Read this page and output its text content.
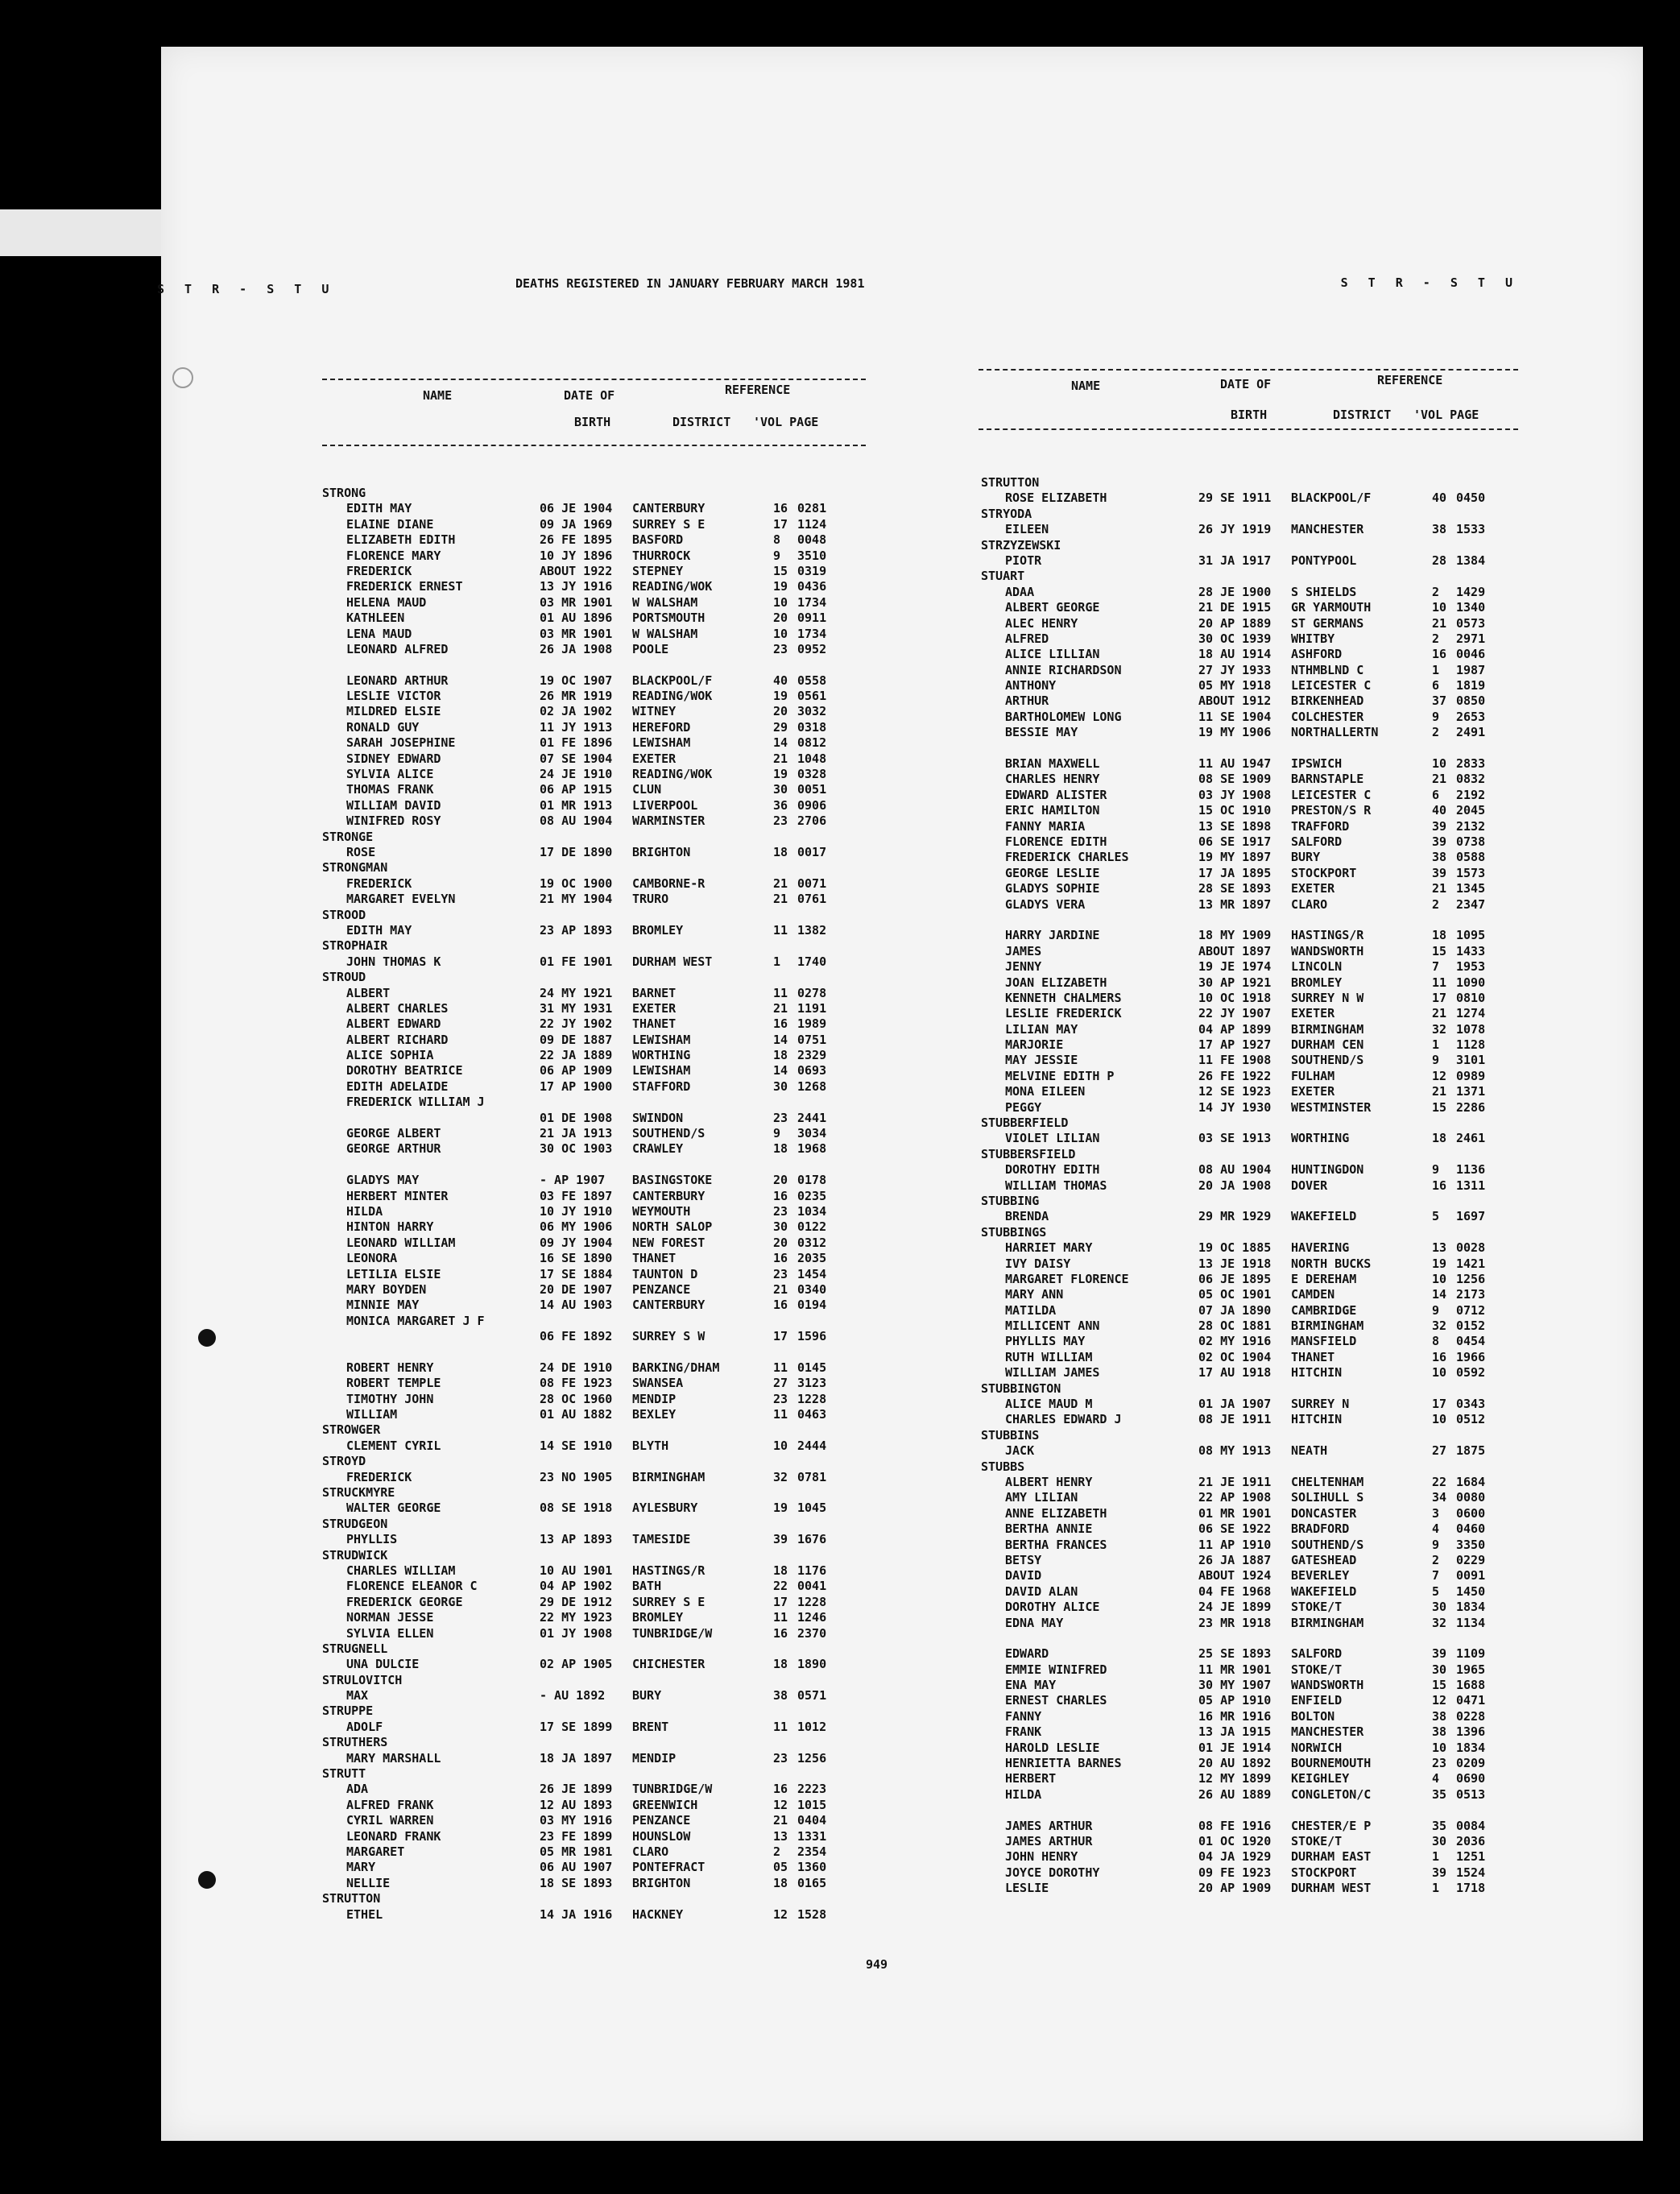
S T R - S T U	DEATHS REGISTERED IN JANUARY FEBRUARY MARCH 1981	S T R - S T U
NAME	DATE OF	REFERENCE
BIRTH	DISTRICT 'VOL PAGE
NAME	DATE OF	REFERENCE
BIRTH	DISTRICT 'VOL PAGE
STRONG
EDITH MAY	06 JE 1904 CANTERBURY	16 0281
ELAINE DIANE	09 JA 1969 SURREY S E	17 1124
ELIZABETH EDITH	26 FE 1895 BASFORD	8 0048
FLORENCE MARY	10 JY 1896 THURROCK	9 3510
FREDERICK	ABOUT 1922 STEPNEY	15 0319
FREDERICK ERNEST	13 JY 1916 READING/WOK	19 0436
HELENA MAUD	03 MR 1901 W WALSHAM	10 1734
KATHLEEN	01 AU 1896 PORTSMOUTH	20 0911
LENA MAUD	03 MR 1901 W WALSHAM	10 1734
LEONARD ALFRED	26 JA 1908 POOLE	23 0952
LEONARD ARTHUR	19 OC 1907 BLACKPOOL/F	40 0558
LESLIE VICTOR	26 MR 1919 READING/WOK	19 0561
MILDRED ELSIE	02 JA 1902 WITNEY	20 3032
RONALD GUY	11 JY 1913 HEREFORD	29 0318
SARAH JOSEPHINE	01 FE 1896 LEWISHAM	14 0812
SIDNEY EDWARD	07 SE 1904 EXETER	21 1048
SYLVIA ALICE	24 JE 1910 READING/WOK	19 0328
THOMAS FRANK	06 AP 1915 CLUN	30 0051
WILLIAM DAVID	01 MR 1913 LIVERPOOL	36 0906
WINIFRED ROSY	08 AU 1904 WARMINSTER	23 2706
STRONGE
ROSE	17 DE 1890 BRIGHTON	18 0017
STRONGMAN
FREDERICK	19 OC 1900 CAMBORNE-R	21 0071
MARGARET EVELYN	21 MY 1904 TRURO	21 0761
STROOD
EDITH MAY	23 AP 1893 BROMLEY	11 1382
STROPHAIR
JOHN THOMAS K	01 FE 1901 DURHAM WEST	1 1740
STROUD
ALBERT	24 MY 1921 BARNET	11 0278
ALBERT CHARLES	31 MY 1931 EXETER	21 1191
ALBERT EDWARD	22 JY 1902 THANET	16 1989
ALBERT RICHARD	09 DE 1887 LEWISHAM	14 0751
ALICE SOPHIA	22 JA 1889 WORTHING	18 2329
DOROTHY BEATRICE	06 AP 1909 LEWISHAM	14 0693
EDITH ADELAIDE	17 AP 1900 STAFFORD	30 1268
FREDERICK WILLIAM J
01 DE 1908 SWINDON	23 2441
GEORGE ALBERT	21 JA 1913 SOUTHEND/S	9 3034
GEORGE ARTHUR	30 OC 1903 CRAWLEY	18 1968
GLADYS MAY	- AP 1907 BASINGSTOKE	20 0178
HERBERT MINTER	03 FE 1897 CANTERBURY	16 0235
HILDA	10 JY 1910 WEYMOUTH	23 1034
HINTON HARRY	06 MY 1906 NORTH SALOP	30 0122
LEONARD WILLIAM	09 JY 1904 NEW FOREST	20 0312
LEONORA	16 SE 1890 THANET	16 2035
LETILIA ELSIE	17 SE 1884 TAUNTON D	23 1454
MARY BOYDEN	20 DE 1907 PENZANCE	21 0340
MINNIE MAY	14 AU 1903 CANTERBURY	16 0194
MONICA MARGARET J F
06 FE 1892 SURREY S W	17 1596
ROBERT HENRY	24 DE 1910 BARKING/DHAM	11 0145
ROBERT TEMPLE	08 FE 1923 SWANSEA	27 3123
TIMOTHY JOHN	28 OC 1960 MENDIP	23 1228
WILLIAM	01 AU 1882 BEXLEY	11 0463
STROWGER
CLEMENT CYRIL	14 SE 1910 BLYTH	10 2444
STROYD
FREDERICK	23 NO 1905 BIRMINGHAM	32 0781
STRUCKMYRE
WALTER GEORGE	08 SE 1918 AYLESBURY	19 1045
STRUDGEON
PHYLLIS	13 AP 1893 TAMESIDE	39 1676
STRUDWICK
CHARLES WILLIAM	10 AU 1901 HASTINGS/R	18 1176
FLORENCE ELEANOR C	04 AP 1902 BATH	22 0041
FREDERICK GEORGE	29 DE 1912 SURREY S E	17 1228
NORMAN JESSE	22 MY 1923 BROMLEY	11 1246
SYLVIA ELLEN	01 JY 1908 TUNBRIDGE/W	16 2370
STRUGNELL
UNA DULCIE	02 AP 1905 CHICHESTER	18 1890
STRULOVITCH
MAX	- AU 1892 BURY	38 0571
STRUPPE
ADOLF	17 SE 1899 BRENT	11 1012
STRUTHERS
MARY MARSHALL	18 JA 1897 MENDIP	23 1256
STRUTT
ADA	26 JE 1899 TUNBRIDGE/W	16 2223
ALFRED FRANK	12 AU 1893 GREENWICH	12 1015
CYRIL WARREN	03 MY 1916 PENZANCE	21 0404
LEONARD FRANK	23 FE 1899 HOUNSLOW	13 1331
MARGARET	05 MR 1981 CLARO	2 2354
MARY	06 AU 1907 PONTEFRACT	05 1360
NELLIE	18 SE 1893 BRIGHTON	18 0165
STRUTTON
ETHEL	14 JA 1916 HACKNEY	12 1528
STRUTTON
ROSE ELIZABETH	29 SE 1911 BLACKPOOL/F	40 0450
STRYODA
EILEEN	26 JY 1919 MANCHESTER	38 1533
STRZYZEWSKI
PIOTR	31 JA 1917 PONTYPOOL	28 1384
STUART
ADAA	28 JE 1900 S SHIELDS	2 1429
ALBERT GEORGE	21 DE 1915 GR YARMOUTH	10 1340
ALEC HENRY	20 AP 1889 ST GERMANS	21 0573
ALFRED	30 OC 1939 WHITBY	2 2971
ALICE LILLIAN	18 AU 1914 ASHFORD	16 0046
ANNIE RICHARDSON	27 JY 1933 NTHMBLND C	1 1987
ANTHONY	05 MY 1918 LEICESTER C	6 1819
ARTHUR	ABOUT 1912 BIRKENHEAD	37 0850
BARTHOLOMEW LONG	11 SE 1904 COLCHESTER	9 2653
BESSIE MAY	19 MY 1906 NORTHALLERTN	2 2491
BRIAN MAXWELL	11 AU 1947 IPSWICH	10 2833
CHARLES HENRY	08 SE 1909 BARNSTAPLE	21 0832
EDWARD ALISTER	03 JY 1908 LEICESTER C	6 2192
ERIC HAMILTON	15 OC 1910 PRESTON/S R	40 2045
FANNY MARIA	13 SE 1898 TRAFFORD	39 2132
FLORENCE EDITH	06 SE 1917 SALFORD	39 0738
FREDERICK CHARLES	19 MY 1897 BURY	38 0588
GEORGE LESLIE	17 JA 1895 STOCKPORT	39 1573
GLADYS SOPHIE	28 SE 1893 EXETER	21 1345
GLADYS VERA	13 MR 1897 CLARO	2 2347
HARRY JARDINE	18 MY 1909 HASTINGS/R	18 1095
JAMES	ABOUT 1897 WANDSWORTH	15 1433
JENNY	19 JE 1974 LINCOLN	7 1953
JOAN ELIZABETH	30 AP 1921 BROMLEY	11 1090
KENNETH CHALMERS	10 OC 1918 SURREY N W	17 0810
LESLIE FREDERICK	22 JY 1907 EXETER	21 1274
LILIAN MAY	04 AP 1899 BIRMINGHAM	32 1078
MARJORIE	17 AP 1927 DURHAM CEN	1 1128
MAY JESSIE	11 FE 1908 SOUTHEND/S	9 3101
MELVINE EDITH P	26 FE 1922 FULHAM	12 0989
MONA EILEEN	12 SE 1923 EXETER	21 1371
PEGGY	14 JY 1930 WESTMINSTER	15 2286
STUBBERFIELD
VIOLET LILIAN	03 SE 1913 WORTHING	18 2461
STUBBERSFIELD
DOROTHY EDITH	08 AU 1904 HUNTINGDON	9 1136
WILLIAM THOMAS	20 JA 1908 DOVER	16 1311
STUBBING
BRENDA	29 MR 1929 WAKEFIELD	5 1697
STUBBINGS
HARRIET MARY	19 OC 1885 HAVERING	13 0028
IVY DAISY	13 JE 1918 NORTH BUCKS	19 1421
MARGARET FLORENCE	06 JE 1895 E DEREHAM	10 1256
MARY ANN	05 OC 1901 CAMDEN	14 2173
MATILDA	07 JA 1890 CAMBRIDGE	9 0712
MILLICENT ANN	28 OC 1881 BIRMINGHAM	32 0152
PHYLLIS MAY	02 MY 1916 MANSFIELD	8 0454
RUTH WILLIAM	02 OC 1904 THANET	16 1966
WILLIAM JAMES	17 AU 1918 HITCHIN	10 0592
STUBBINGTON
ALICE MAUD M	01 JA 1907 SURREY N	17 0343
CHARLES EDWARD J	08 JE 1911 HITCHIN	10 0512
STUBBINS
JACK	08 MY 1913 NEATH	27 1875
STUBBS
ALBERT HENRY	21 JE 1911 CHELTENHAM	22 1684
AMY LILIAN	22 AP 1908 SOLIHULL S	34 0080
ANNE ELIZABETH	01 MR 1901 DONCASTER	3 0600
BERTHA ANNIE	06 SE 1922 BRADFORD	4 0460
BERTHA FRANCES	11 AP 1910 SOUTHEND/S	9 3350
BETSY	26 JA 1887 GATESHEAD	2 0229
DAVID	ABOUT 1924 BEVERLEY	7 0091
DAVID ALAN	04 FE 1968 WAKEFIELD	5 1450
DOROTHY ALICE	24 JE 1899 STOKE/T	30 1834
EDNA MAY	23 MR 1918 BIRMINGHAM	32 1134
EDWARD	25 SE 1893 SALFORD	39 1109
EMMIE WINIFRED	11 MR 1901 STOKE/T	30 1965
ENA MAY	30 MY 1907 WANDSWORTH	15 1688
ERNEST CHARLES	05 AP 1910 ENFIELD	12 0471
FANNY	16 MR 1916 BOLTON	38 0228
FRANK	13 JA 1915 MANCHESTER	38 1396
HAROLD LESLIE	01 JE 1914 NORWICH	10 1834
HENRIETTA BARNES	20 AU 1892 BOURNEMOUTH	23 0209
HERBERT	12 MY 1899 KEIGHLEY	4 0690
HILDA	26 AU 1889 CONGLETON/C	35 0513
JAMES ARTHUR	08 FE 1916 CHESTER/E P	35 0084
JAMES ARTHUR	01 OC 1920 STOKE/T	30 2036
JOHN HENRY	04 JA 1929 DURHAM EAST	1 1251
JOYCE DOROTHY	09 FE 1923 STOCKPORT	39 1524
LESLIE	20 AP 1909 DURHAM WEST	1 1718
949
